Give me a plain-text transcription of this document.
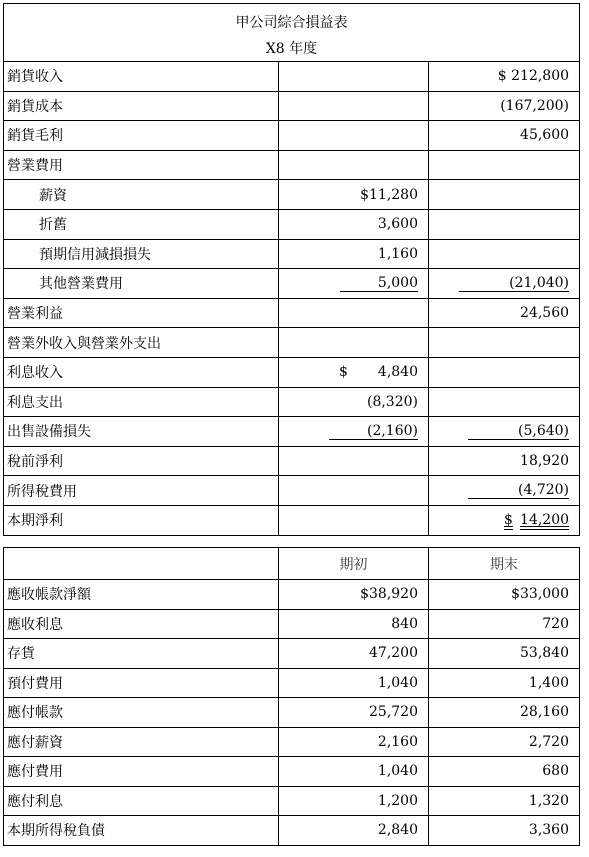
甲公司綜合損益表		
X8 年度		
銷貨收入		$ 212,800
銷貨成本		(167,200)
銷貨毛利		45,600
營業費用		
薪資	$11,280	
折舊	3,600	
預期信用減損損失	1,160	
其他營業費用	5,000	(21,040)
營業利益		24,560
營業外收入與營業外支出		
利息收入	$ 4,840	
利息支出	(8,320)	
出售設備損失	(2,160)	(5,640)
稅前淨利		18,920
所得稅費用		(4,720)
本期淨利		$ 14,200
	期初	期末
應收帳款淨額	$38,920	$33,000
應收利息	840	720
存貨	47,200	53,840
預付費用	1,040	1,400
應付帳款	25,720	28,160
應付薪資	2,160	2,720
應付費用	1,040	680
應付利息	1,200	1,320
本期所得稅負債	2,840	3,360
